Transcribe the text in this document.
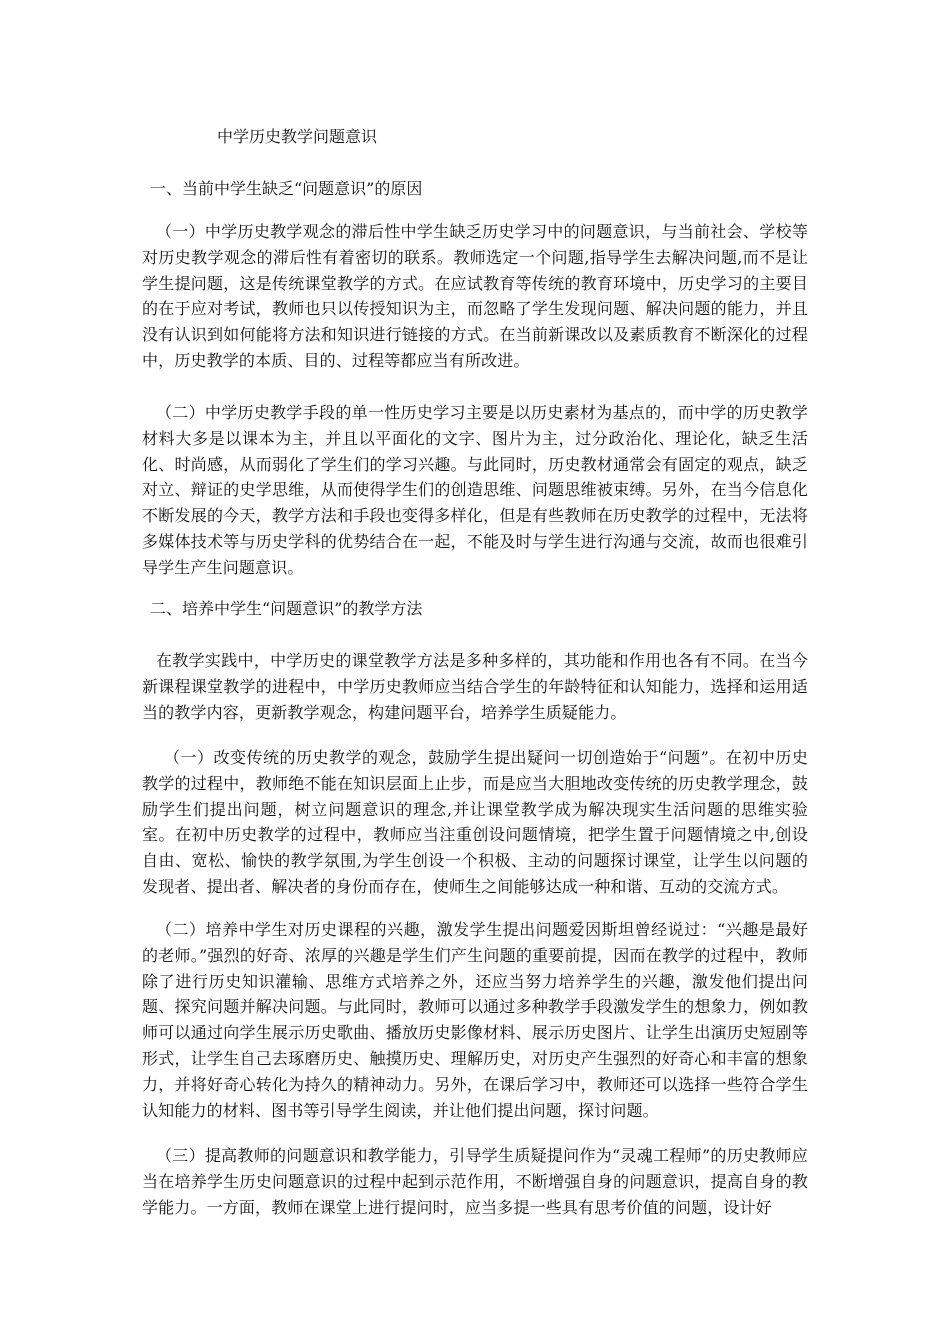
中学历史教学问题意识
一、当前中学生缺乏“问题意识”的原因

（一）中学历史教学观念的滞后性中学生缺乏历史学习中的问题意识，与当前社会、学校等对历史教学观念的滞后性有着密切的联系。教师选定一个问题,指导学生去解决问题,而不是让学生提问题，这是传统课堂教学的方式。在应试教育等传统的教育环境中，历史学习的主要目的在于应对考试，教师也只以传授知识为主，而忽略了学生发现问题、解决问题的能力，并且没有认识到如何能将方法和知识进行链接的方式。在当前新课改以及素质教育不断深化的过程中，历史教学的本质、目的、过程等都应当有所改进。

（二）中学历史教学手段的单一性历史学习主要是以历史素材为基点的，而中学的历史教学材料大多是以课本为主，并且以平面化的文字、图片为主，过分政治化、理论化，缺乏生活化、时尚感，从而弱化了学生们的学习兴趣。与此同时，历史教材通常会有固定的观点，缺乏对立、辩证的史学思维，从而使得学生们的创造思维、问题思维被束缚。另外，在当今信息化不断发展的今天，教学方法和手段也变得多样化，但是有些教师在历史教学的过程中，无法将多媒体技术等与历史学科的优势结合在一起，不能及时与学生进行沟通与交流，故而也很难引导学生产生问题意识。

二、培养中学生“问题意识”的教学方法

在教学实践中，中学历史的课堂教学方法是多种多样的，其功能和作用也各有不同。在当今新课程课堂教学的进程中，中学历史教师应当结合学生的年龄特征和认知能力，选择和运用适当的教学内容，更新教学观念，构建问题平台，培养学生质疑能力。

（一）改变传统的历史教学的观念，鼓励学生提出疑问一切创造始于“问题”。在初中历史教学的过程中，教师绝不能在知识层面上止步，而是应当大胆地改变传统的历史教学理念，鼓励学生们提出问题，树立问题意识的理念,并让课堂教学成为解决现实生活问题的思维实验室。在初中历史教学的过程中，教师应当注重创设问题情境，把学生置于问题情境之中,创设自由、宽松、愉快的教学氛围,为学生创设一个积极、主动的问题探讨课堂，让学生以问题的发现者、提出者、解决者的身份而存在，使师生之间能够达成一种和谐、互动的交流方式。

（二）培养中学生对历史课程的兴趣，激发学生提出问题爱因斯坦曾经说过：“兴趣是最好的老师。”强烈的好奇、浓厚的兴趣是学生们产生问题的重要前提，因而在教学的过程中，教师除了进行历史知识灌输、思维方式培养之外，还应当努力培养学生的兴趣，激发他们提出问题、探究问题并解决问题。与此同时，教师可以通过多种教学手段激发学生的想象力，例如教师可以通过向学生展示历史歌曲、播放历史影像材料、展示历史图片、让学生出演历史短剧等形式，让学生自己去琢磨历史、触摸历史、理解历史，对历史产生强烈的好奇心和丰富的想象力，并将好奇心转化为持久的精神动力。另外，在课后学习中，教师还可以选择一些符合学生认知能力的材料、图书等引导学生阅读，并让他们提出问题，探讨问题。

（三）提高教师的问题意识和教学能力，引导学生质疑提问作为“灵魂工程师”的历史教师应当在培养学生历史问题意识的过程中起到示范作用，不断增强自身的问题意识，提高自身的教学能力。一方面，教师在课堂上进行提问时，应当多提一些具有思考价值的问题，设计好
